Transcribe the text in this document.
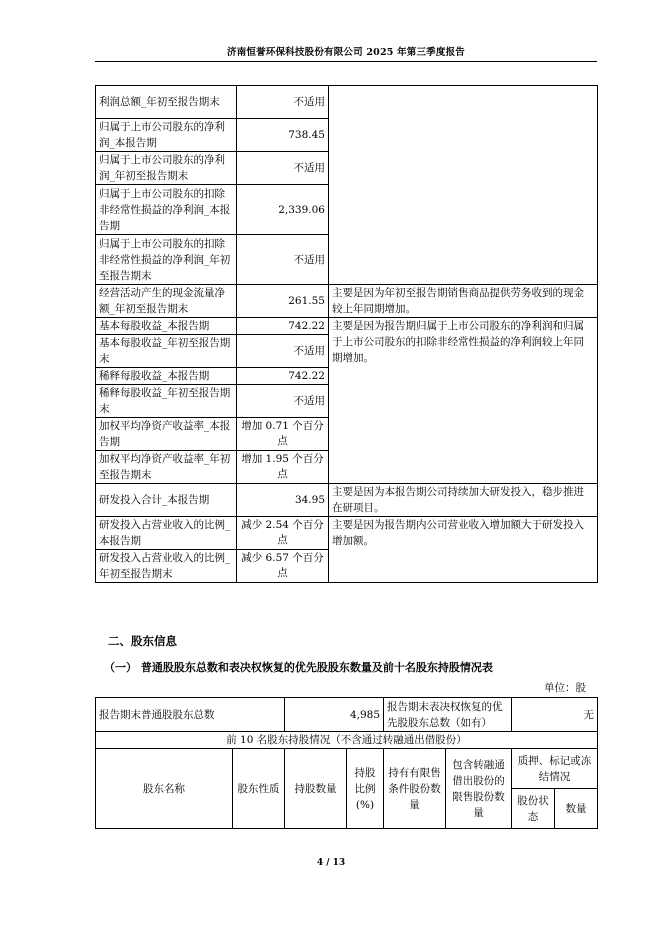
济南恒誉环保科技股份有限公司 2025 年第三季度报告
利润总额_年初至报告期末	不适用	
归属于上市公司股东的净利润_本报告期	738.45	
归属于上市公司股东的净利润_年初至报告期末	不适用	
归属于上市公司股东的扣除非经常性损益的净利润_本报告期	2,339.06	
归属于上市公司股东的扣除非经常性损益的净利润_年初至报告期末	不适用	
经营活动产生的现金流量净额_年初至报告期末	261.55	主要是因为年初至报告期销售商品提供劳务收到的现金较上年同期增加。
基本每股收益_本报告期	742.22	主要是因为报告期归属于上市公司股东的净利润和归属于上市公司股东的扣除非经常性损益的净利润较上年同期增加。
基本每股收益_年初至报告期末	不适用	
稀释每股收益_本报告期	742.22	
稀释每股收益_年初至报告期末	不适用	
加权平均净资产收益率_本报告期	增加 0.71 个百分点	
加权平均净资产收益率_年初至报告期末	增加 1.95 个百分点	
研发投入合计_本报告期	34.95	主要是因为本报告期公司持续加大研发投入，稳步推进在研项目。
研发投入占营业收入的比例_本报告期	减少 2.54 个百分点	主要是因为报告期内公司营业收入增加额大于研发投入增加额。
研发投入占营业收入的比例_年初至报告期末	减少 6.57 个百分点	
二、股东信息
（一） 普通股股东总数和表决权恢复的优先股股东数量及前十名股东持股情况表
单位：股
报告期末普通股股东总数		4,985		报告期末表决权恢复的优先股股东总数（如有）		无	
前 10 名股东持股情况（不含通过转融通出借股份）							
股东名称	股东性质	持股数量	持股比例(%)	持有有限售条件股份数量	包含转融通借出股份的限售股份数量	质押、标记或冻结情况	
						股份状态	数量
4 / 13
